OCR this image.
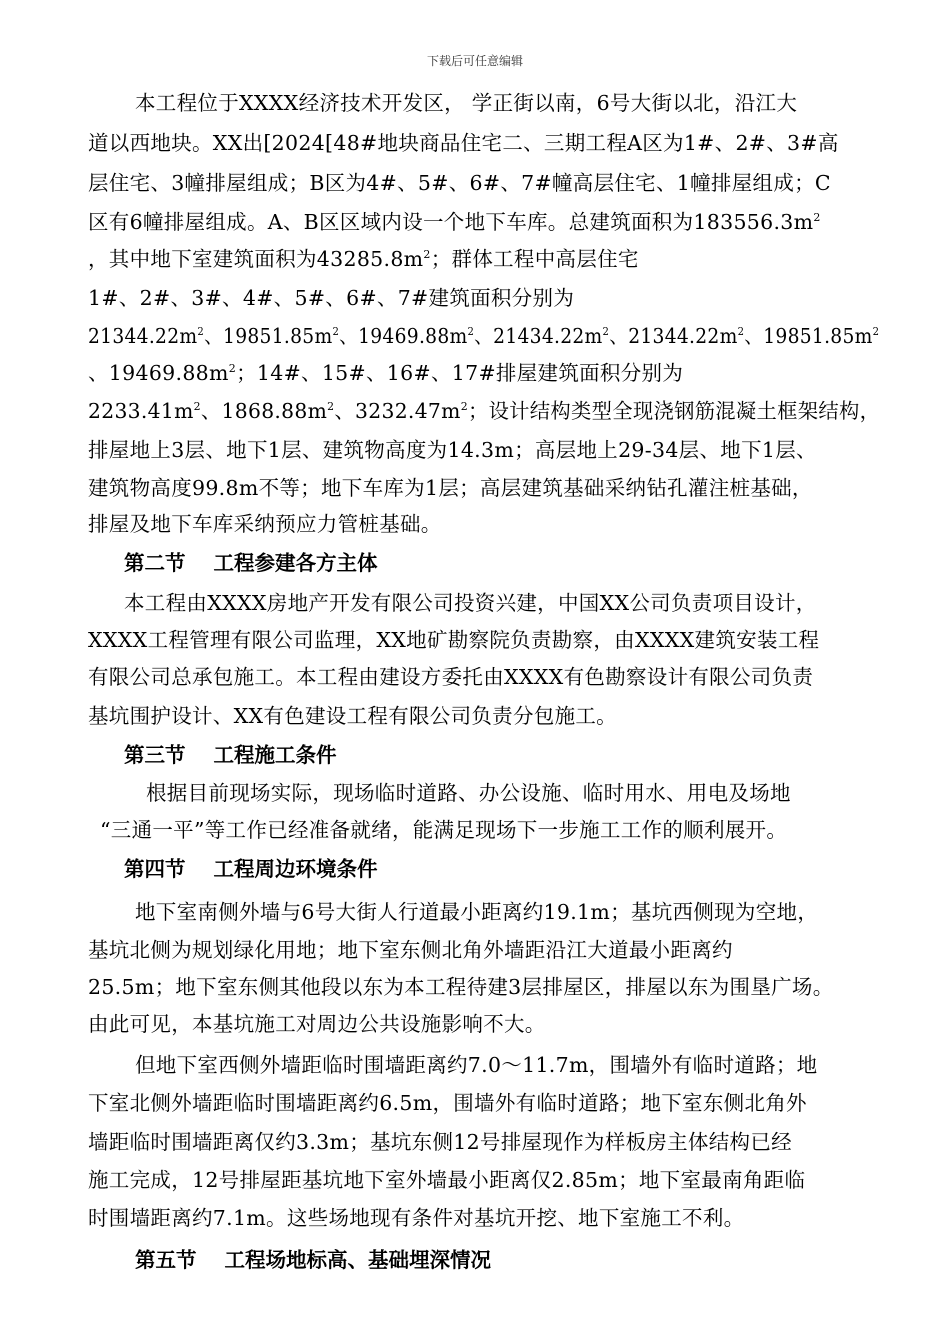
下载后可任意编辑
本工程位于XXXX经济技术开发区， 学正街以南，6号大街以北，沿江大
道以西地块。XX出[2024[48#地块商品住宅二、三期工程A区为1#、2#、3#高
层住宅、3幢排屋组成；B区为4#、5#、6#、7#幢高层住宅、1幢排屋组成；C
区有6幢排屋组成。A、B区区域内设一个地下车库。总建筑面积为$183556.3m^2$
，其中地下室建筑面积为$43285.8m^2$；群体工程中高层住宅
1#、2#、3#、4#、5#、6#、7#建筑面积分别为
$21344.22m^2$、$19851.85m^2$、$19469.88m^2$、$21434.22m^2$、$21344.22m^2$、$19851.85m^2$
、$19469.88m^2$；14#、15#、16#、17#排屋建筑面积分别为
$2233.41m^2$、$1868.88m^2$、$3232.47m^2$；设计结构类型全现浇钢筋混凝土框架结构，
排屋地上3层、地下1层、建筑物高度为14.3m；高层地上29-34层、地下1层、
建筑物高度99.8m不等；地下车库为1层；高层建筑基础采纳钻孔灌注桩基础，
排屋及地下车库采纳预应力管桩基础。
第二节 工程参建各方主体
本工程由XXXX房地产开发有限公司投资兴建，中国XX公司负责项目设计，
XXXX工程管理有限公司监理，XX地矿勘察院负责勘察，由XXXX建筑安装工程
有限公司总承包施工。本工程由建设方委托由XXXX有色勘察设计有限公司负责
基坑围护设计、XX有色建设工程有限公司负责分包施工。
第三节 工程施工条件
根据目前现场实际，现场临时道路、办公设施、临时用水、用电及场地
“三通一平”等工作已经准备就绪，能满足现场下一步施工工作的顺利展开。
第四节 工程周边环境条件
地下室南侧外墙与6号大街人行道最小距离约19.1m；基坑西侧现为空地，
基坑北侧为规划绿化用地；地下室东侧北角外墙距沿江大道最小距离约
25.5m；地下室东侧其他段以东为本工程待建3层排屋区，排屋以东为围垦广场。
由此可见，本基坑施工对周边公共设施影响不大。
但地下室西侧外墙距临时围墙距离约7.0～11.7m，围墙外有临时道路；地
下室北侧外墙距临时围墙距离约6.5m，围墙外有临时道路；地下室东侧北角外
墙距临时围墙距离仅约3.3m；基坑东侧12号排屋现作为样板房主体结构已经
施工完成，12号排屋距基坑地下室外墙最小距离仅2.85m；地下室最南角距临
时围墙距离约7.1m。这些场地现有条件对基坑开挖、地下室施工不利。
第五节 工程场地标高、基础埋深情况
